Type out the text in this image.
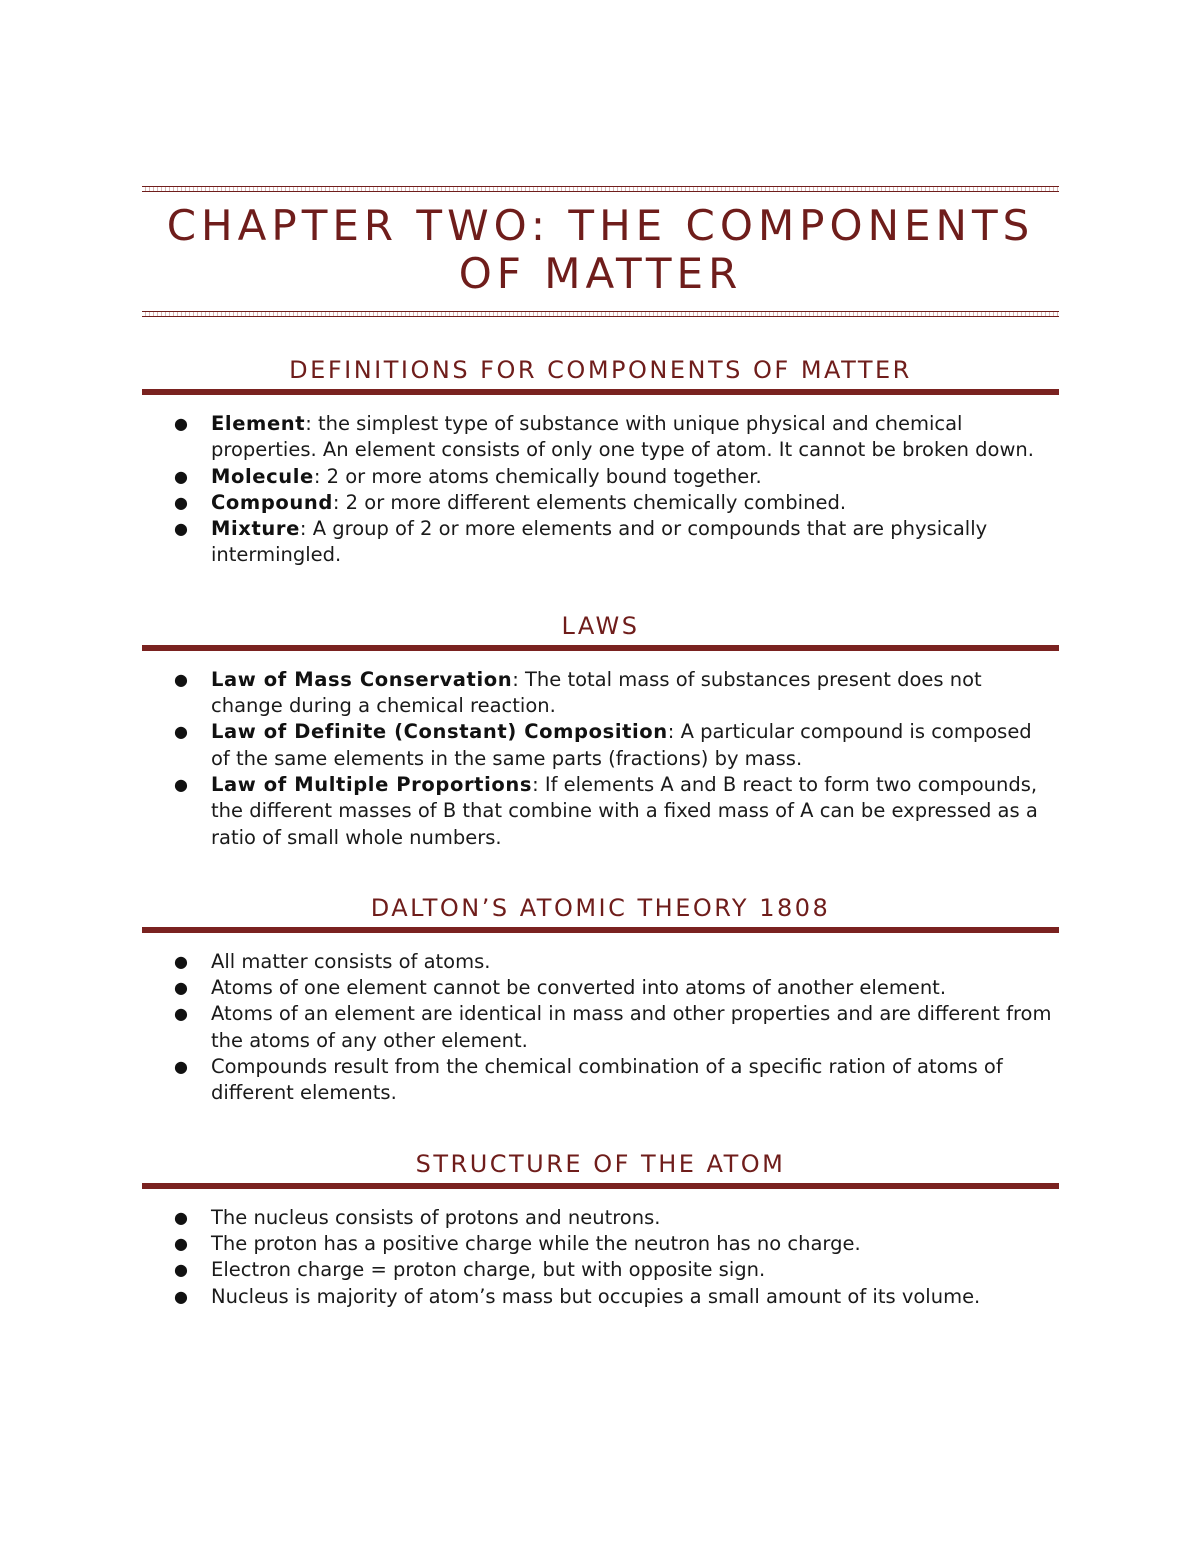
CHAPTER TWO: THE COMPONENTS OF MATTER
DEFINITIONS FOR COMPONENTS OF MATTER
● Element: the simplest type of substance with unique physical and chemical properties. An element consists of only one type of atom. It cannot be broken down.
● Molecule: 2 or more atoms chemically bound together.
● Compound: 2 or more different elements chemically combined.
● Mixture: A group of 2 or more elements and or compounds that are physically intermingled.
LAWS
● Law of Mass Conservation: The total mass of substances present does not change during a chemical reaction.
● Law of Definite (Constant) Composition: A particular compound is composed of the same elements in the same parts (fractions) by mass.
● Law of Multiple Proportions: If elements A and B react to form two compounds, the different masses of B that combine with a fixed mass of A can be expressed as a ratio of small whole numbers.
DALTON’S ATOMIC THEORY 1808
● All matter consists of atoms.
● Atoms of one element cannot be converted into atoms of another element.
● Atoms of an element are identical in mass and other properties and are different from the atoms of any other element.
● Compounds result from the chemical combination of a specific ration of atoms of different elements.
STRUCTURE OF THE ATOM
● The nucleus consists of protons and neutrons.
● The proton has a positive charge while the neutron has no charge.
● Electron charge = proton charge, but with opposite sign.
● Nucleus is majority of atom’s mass but occupies a small amount of its volume.
